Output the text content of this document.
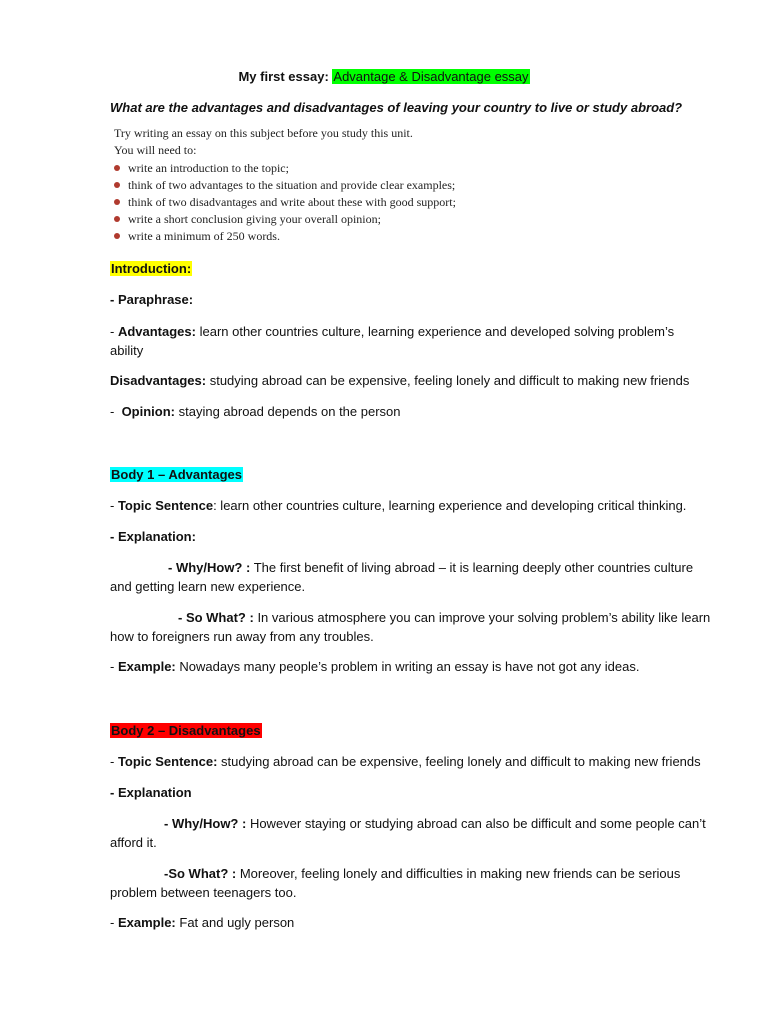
My first essay: Advantage & Disadvantage essay
What are the advantages and disadvantages of leaving your country to live or study abroad?
Try writing an essay on this subject before you study this unit.
You will need to:
write an introduction to the topic;
think of two advantages to the situation and provide clear examples;
think of two disadvantages and write about these with good support;
write a short conclusion giving your overall opinion;
write a minimum of 250 words.
Introduction:
- Paraphrase:
- Advantages: learn other countries culture, learning experience and developed solving problem’s ability
Disadvantages: studying abroad can be expensive, feeling lonely and difficult to making new friends
-  Opinion: staying abroad depends on the person
Body 1 – Advantages
- Topic Sentence: learn other countries culture, learning experience and developing critical thinking.
- Explanation:
- Why/How? : The first benefit of living abroad – it is learning deeply other countries culture
and getting learn new experience.
- So What? : In various atmosphere you can improve your solving problem’s ability like learn
how to foreigners run away from any troubles.
- Example: Nowadays many people’s problem in writing an essay is have not got any ideas.
Body 2 – Disadvantages
- Topic Sentence: studying abroad can be expensive, feeling lonely and difficult to making new friends
- Explanation
- Why/How? : However staying or studying abroad can also be difficult and some people can’t
afford it.
-So What? : Moreover, feeling lonely and difficulties in making new friends can be serious
problem between teenagers too.
- Example: Fat and ugly person
